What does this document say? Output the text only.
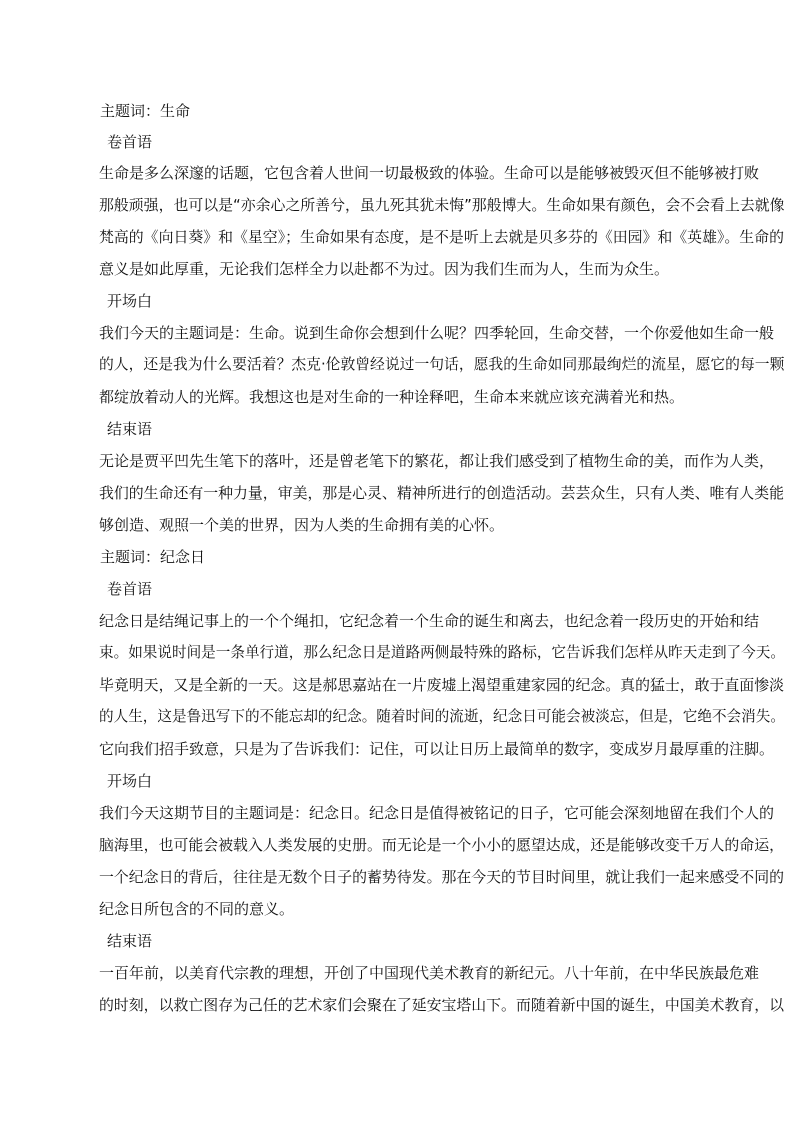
主题词：生命

卷首语

生命是多么深邃的话题，它包含着人世间一切最极致的体验。生命可以是能够被毁灭但不能够被打败

那般顽强，也可以是“亦余心之所善兮，虽九死其犹未悔”那般博大。生命如果有颜色，会不会看上去就像

梵高的《向日葵》和《星空》；生命如果有态度，是不是听上去就是贝多芬的《田园》和《英雄》。生命的

意义是如此厚重，无论我们怎样全力以赴都不为过。因为我们生而为人，生而为众生。

开场白

我们今天的主题词是：生命。说到生命你会想到什么呢？四季轮回，生命交替，一个你爱他如生命一般

的人，还是我为什么要活着？杰克·伦敦曾经说过一句话，愿我的生命如同那最绚烂的流星，愿它的每一颗

都绽放着动人的光辉。我想这也是对生命的一种诠释吧，生命本来就应该充满着光和热。

结束语

无论是贾平凹先生笔下的落叶，还是曾老笔下的繁花，都让我们感受到了植物生命的美，而作为人类，

我们的生命还有一种力量，审美，那是心灵、精神所进行的创造活动。芸芸众生，只有人类、唯有人类能

够创造、观照一个美的世界，因为人类的生命拥有美的心怀。

主题词：纪念日

卷首语

纪念日是结绳记事上的一个个绳扣，它纪念着一个生命的诞生和离去，也纪念着一段历史的开始和结

束。如果说时间是一条单行道，那么纪念日是道路两侧最特殊的路标，它告诉我们怎样从昨天走到了今天。

毕竟明天，又是全新的一天。这是郝思嘉站在一片废墟上渴望重建家园的纪念。真的猛士，敢于直面惨淡

的人生，这是鲁迅写下的不能忘却的纪念。随着时间的流逝，纪念日可能会被淡忘，但是，它绝不会消失。

它向我们招手致意，只是为了告诉我们：记住，可以让日历上最简单的数字，变成岁月最厚重的注脚。

开场白

我们今天这期节目的主题词是：纪念日。纪念日是值得被铭记的日子，它可能会深刻地留在我们个人的

脑海里，也可能会被载入人类发展的史册。而无论是一个小小的愿望达成，还是能够改变千万人的命运，

一个纪念日的背后，往往是无数个日子的蓄势待发。那在今天的节目时间里，就让我们一起来感受不同的

纪念日所包含的不同的意义。

结束语

一百年前，以美育代宗教的理想，开创了中国现代美术教育的新纪元。八十年前，在中华民族最危难

的时刻，以救亡图存为己任的艺术家们会聚在了延安宝塔山下。而随着新中国的诞生，中国美术教育，以
